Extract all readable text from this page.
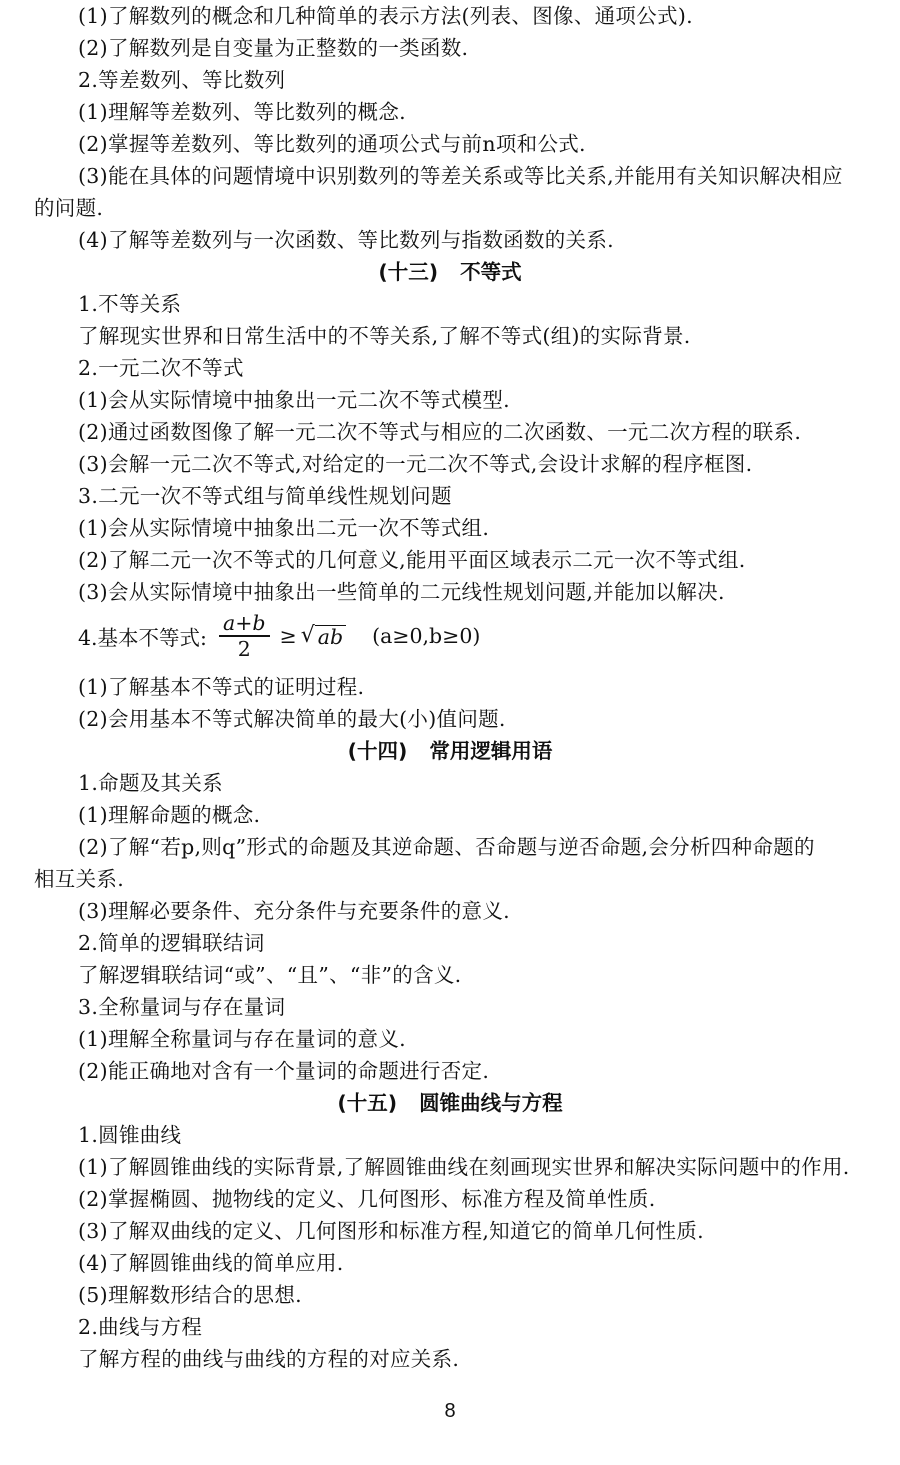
(1)了解数列的概念和几种简单的表示方法(列表、图像、通项公式).
(2)了解数列是自变量为正整数的一类函数.
2.等差数列、等比数列
(1)理解等差数列、等比数列的概念.
(2)掌握等差数列、等比数列的通项公式与前n项和公式.
(3)能在具体的问题情境中识别数列的等差关系或等比关系,并能用有关知识解决相应
的问题.
(4)了解等差数列与一次函数、等比数列与指数函数的关系.
(十三) 不等式
1.不等关系
了解现实世界和日常生活中的不等关系,了解不等式(组)的实际背景.
2.一元二次不等式
(1)会从实际情境中抽象出一元二次不等式模型.
(2)通过函数图像了解一元二次不等式与相应的二次函数、一元二次方程的联系.
(3)会解一元二次不等式,对给定的一元二次不等式,会设计求解的程序框图.
3.二元一次不等式组与简单线性规划问题
(1)会从实际情境中抽象出二元一次不等式组.
(2)了解二元一次不等式的几何意义,能用平面区域表示二元一次不等式组.
(3)会从实际情境中抽象出一些简单的二元线性规划问题,并能加以解决.
4.基本不等式: $\frac{a+b}{2}$ ≥ √ ab (a≥0,b≥0)
(1)了解基本不等式的证明过程.
(2)会用基本不等式解决简单的最大(小)值问题.
(十四) 常用逻辑用语
1.命题及其关系
(1)理解命题的概念.
(2)了解“若p,则q”形式的命题及其逆命题、否命题与逆否命题,会分析四种命题的
相互关系.
(3)理解必要条件、充分条件与充要条件的意义.
2.简单的逻辑联结词
了解逻辑联结词“或”、“且”、“非”的含义.
3.全称量词与存在量词
(1)理解全称量词与存在量词的意义.
(2)能正确地对含有一个量词的命题进行否定.
(十五) 圆锥曲线与方程
1.圆锥曲线
(1)了解圆锥曲线的实际背景,了解圆锥曲线在刻画现实世界和解决实际问题中的作用.
(2)掌握椭圆、抛物线的定义、几何图形、标准方程及简单性质.
(3)了解双曲线的定义、几何图形和标准方程,知道它的简单几何性质.
(4)了解圆锥曲线的简单应用.
(5)理解数形结合的思想.
2.曲线与方程
了解方程的曲线与曲线的方程的对应关系.
8
